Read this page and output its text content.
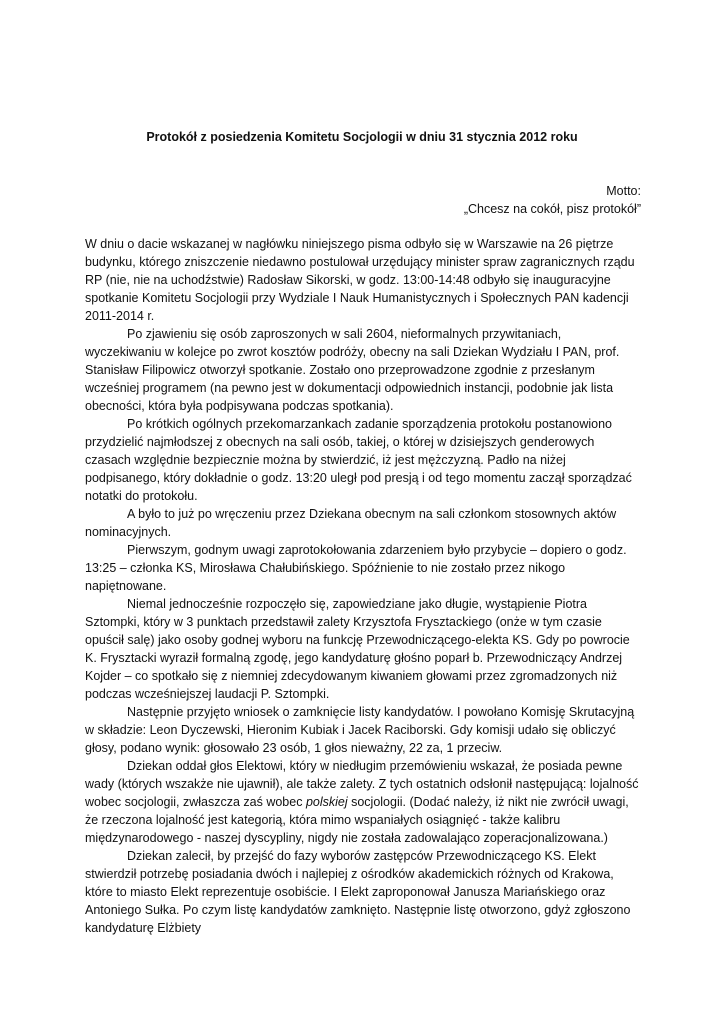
Protokół z posiedzenia Komitetu Socjologii w dniu 31 stycznia 2012 roku
Motto:
„Chcesz na cokół, pisz protokół”

W dniu o dacie wskazanej w nagłówku niniejszego pisma odbyło się w Warszawie na 26 piętrze budynku, którego zniszczenie niedawno postulował urzędujący minister spraw zagranicznych rządu RP (nie, nie na uchodźstwie) Radosław Sikorski, w godz. 13:00-14:48 odbyło się inauguracyjne spotkanie Komitetu Socjologii przy Wydziale I Nauk Humanistycznych i Społecznych PAN kadencji 2011-2014 r.

Po zjawieniu się osób zaproszonych w sali 2604, nieformalnych przywitaniach, wyczekiwaniu w kolejce po zwrot kosztów podróży, obecny na sali Dziekan Wydziału I PAN, prof. Stanisław Filipowicz otworzył spotkanie. Zostało ono przeprowadzone zgodnie z przesłanym wcześniej programem (na pewno jest w dokumentacji odpowiednich instancji, podobnie jak lista obecności, która była podpisywana podczas spotkania).

Po krótkich ogólnych przekomarzankach zadanie sporządzenia protokołu postanowiono przydzielić najmłodszej z obecnych na sali osób, takiej, o której w dzisiejszych genderowych czasach względnie bezpiecznie można by stwierdzić, iż jest mężczyzną. Padło na niżej podpisanego, który dokładnie o godz. 13:20 uległ pod presją i od tego momentu zaczął sporządzać notatki do protokołu.

A było to już po wręczeniu przez Dziekana obecnym na sali członkom stosownych aktów nominacyjnych.

Pierwszym, godnym uwagi zaprotokołowania zdarzeniem było przybycie – dopiero o godz. 13:25 – członka KS, Mirosława Chałubińskiego. Spóźnienie to nie zostało przez nikogo napiętnowane.

Niemal jednocześnie rozpoczęło się, zapowiedziane jako długie, wystąpienie Piotra Sztompki, który w 3 punktach przedstawił zalety Krzysztofa Frysztackiego (onże w tym czasie opuścił salę) jako osoby godnej wyboru na funkcję Przewodniczącego-elekta KS. Gdy po powrocie K. Frysztacki wyraził formalną zgodę, jego kandydaturę głośno poparł b. Przewodniczący Andrzej Kojder – co spotkało się z niemniej zdecydowanym kiwaniem głowami przez zgromadzonych niż podczas wcześniejszej laudacji P. Sztompki.

Następnie przyjęto wniosek o zamknięcie listy kandydatów. I powołano Komisję Skrutacyjną w składzie: Leon Dyczewski, Hieronim Kubiak i Jacek Raciborski. Gdy komisji udało się obliczyć głosy, podano wynik: głosowało 23 osób, 1 głos nieważny, 22 za, 1 przeciw.

Dziekan oddał głos Elektowi, który w niedługim przemówieniu wskazał, że posiada pewne wady (których wszakże nie ujawnił), ale także zalety. Z tych ostatnich odsłonił następującą: lojalność wobec socjologii, zwłaszcza zaś wobec polskiej socjologii. (Dodać należy, iż nikt nie zwrócił uwagi, że rzeczona lojalność jest kategorią, która mimo wspaniałych osiągnięć - także kalibru międzynarodowego - naszej dyscypliny, nigdy nie została zadowalająco zoperacjonalizowana.)

Dziekan zalecił, by przejść do fazy wyborów zastępców Przewodniczącego KS. Elekt stwierdził potrzebę posiadania dwóch i najlepiej z ośrodków akademickich różnych od Krakowa, które to miasto Elekt reprezentuje osobiście. I Elekt zaproponował Janusza Mariańskiego oraz Antoniego Sułka. Po czym listę kandydatów zamknięto. Następnie listę otworzono, gdyż zgłoszono kandydaturę Elżbiety
